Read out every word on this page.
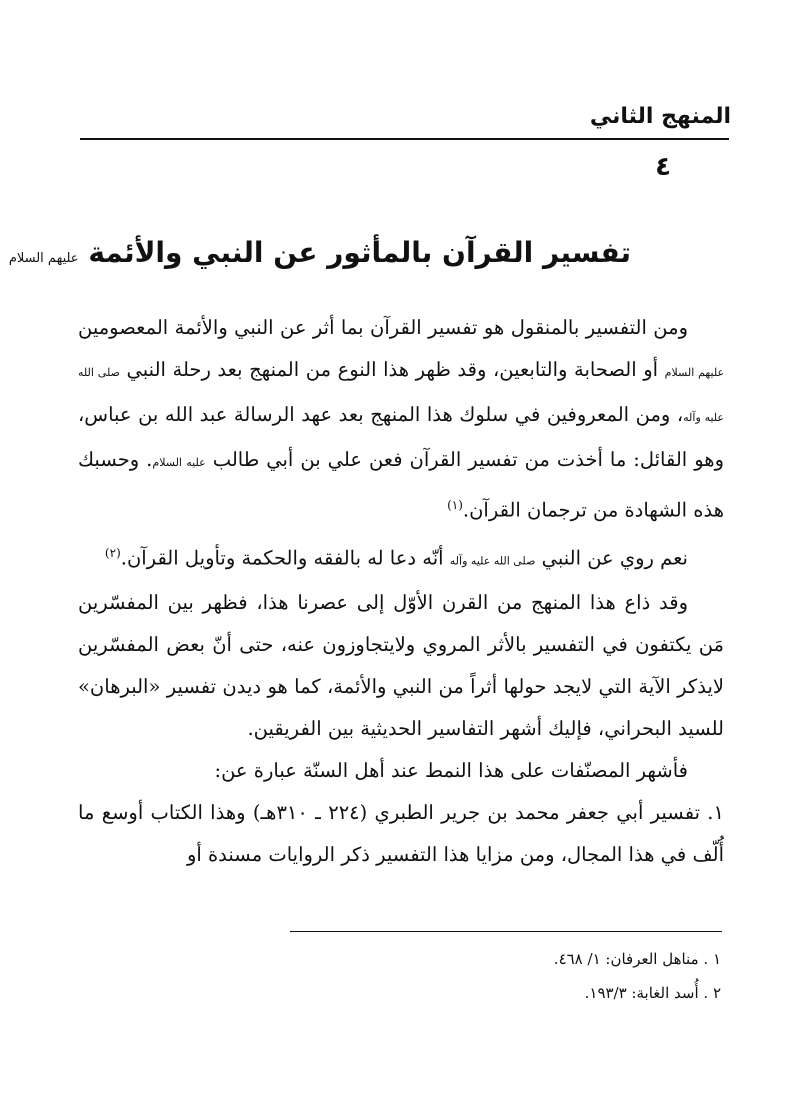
المنهج الثاني
٤
تفسير القرآن بالمأثور عن النبي والأئمة عليهم السلام

ومن التفسير بالمنقول هو تفسير القرآن بما أثر عن النبي والأئمة المعصومين عليهم السلام أو الصحابة والتابعين، وقد ظهر هذا النوع من المنهج بعد رحلة النبي صلى الله عليه وآله، ومن المعروفين في سلوك هذا المنهج بعد عهد الرسالة عبد الله بن عباس، وهو القائل: ما أخذت من تفسير القرآن فعن علي بن أبي طالب عليه السلام. وحسبك هذه الشهادة من ترجمان القرآن.$^{(١)}$

نعم روي عن النبي صلى الله عليه وآله أنّه دعا له بالفقه والحكمة وتأويل القرآن.$^{(٢)}$

وقد ذاع هذا المنهج من القرن الأوّل إلى عصرنا هذا، فظهر بين المفسّرين مَن يكتفون في التفسير بالأثر المروي ولايتجاوزون عنه، حتى أنّ بعض المفسّرين لايذكر الآية التي لايجد حولها أثراً من النبي والأئمة، كما هو ديدن تفسير «البرهان» للسيد البحراني، فإليك أشهر التفاسير الحديثية بين الفريقين.

فأشهر المصنّفات على هذا النمط عند أهل السنّة عبارة عن:

١. تفسير أبي جعفر محمد بن جرير الطبري (٢٢٤ ـ ٣١٠هـ) وهذا الكتاب أوسع ما أُلّف في هذا المجال، ومن مزايا هذا التفسير ذكر الروايات مسندة أو

١ . مناهل العرفان: ١/ ٤٦٨.
٢ . أُسد الغابة: ١٩٣/٣.
